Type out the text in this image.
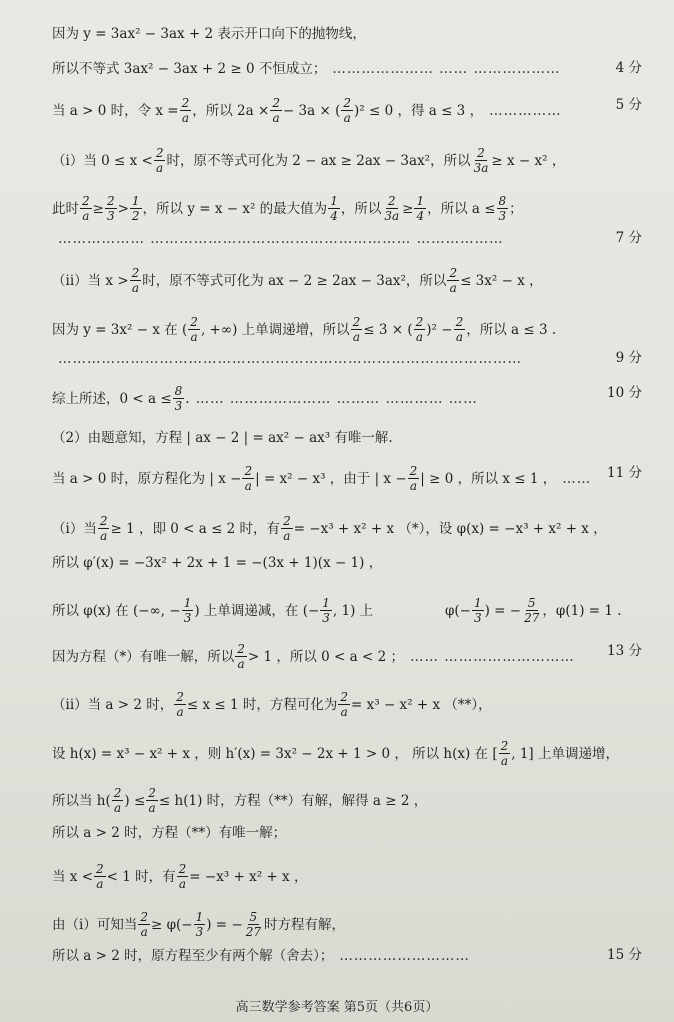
因为 y = 3ax² − 3ax + 2 表示开口向下的抛物线，
所以不等式 3ax² − 3ax + 2 ≥ 0 不恒成立； ………………… …… ………………	4 分
当 a > 0 时，令 $x = \frac{2}{a}$ ，所以 $2a \times \frac{2}{a} - 3a$ × ( $\frac{2}{a} )^2 \le 0$ ，得 a ≤ 3 ， ……………	5 分
（i）当 $0 \le x < \frac{2}{a}$ 时，原不等式可化为 2 − ax ≥ 2ax − 3ax²，所以 $\frac{2}{3a} \ge x - x^2$ ，
此时 $\frac{2}{a} \ge \frac{2}{3} > \frac{1}{2}$ ，所以 y = x − x² 的最大值为 $\frac{1}{4}$ ，所以 $\frac{2}{3a} \ge \frac{1}{4}$ ，所以 $a \le \frac{8}{3}$ ；
……………… ……………………………………………… ………………	7 分
（ii）当 $x > \frac{2}{a}$ 时，原不等式可化为 ax − 2 ≥ 2ax − 3ax²，所以 $\frac{2}{a} \le 3x^2 - x$ ，
因为 y = 3x² − x 在 ( $\frac{2}{a}$ , +∞) 上单调递增，所以 $\frac{2}{a} \le 3$ × ( $\frac{2}{a} )^2 - \frac{2}{a}$ ，所以 a ≤ 3 .
……………………………………………………………………………………	9 分
综上所述，$0 < a \le \frac{8}{3}$ . …… ………………… ……… ………… ……	10 分
（2）由题意知，方程 | ax − 2 | = ax² − ax³ 有唯一解.
当 a > 0 时，原方程化为 | $x - \frac{2}{a}$ | = x² − x³ ，由于 | $x - \frac{2}{a}$ | ≥ 0 ，所以 x ≤ 1 ， …… 11 分
（i）当 $\frac{2}{a} \ge 1$ ，即 0 < a ≤ 2 时，有 $\frac{2}{a} = -x^3 + x^2 + x$ （*），设 φ(x) = −x³ + x² + x ，
所以 φ′(x) = −3x² + 2x + 1 = −(3x + 1)(x − 1) ，
所以 φ(x) 在 (−∞, − $\frac{1}{3}$ ) 上单调递减，在 (− $\frac{1}{3}$ , 1) 上　　　　　 $\varphi(- \frac{1}{3}$ ) = − $\frac{5}{27}$ ，φ(1) = 1 .
因为方程（*）有唯一解，所以 $\frac{2}{a} > 1$ ，所以 0 < a < 2 ； …… ……………………… 13 分
（ii）当 a > 2 时， $\frac{2}{a} \le x \le 1$ 时，方程可化为 $\frac{2}{a} = x^3 - x^2 + x$ （**），
设 h(x) = x³ − x² + x ，则 h′(x) = 3x² − 2x + 1 > 0 ， 所以 h(x) 在 [ $\frac{2}{a}$ , 1] 上单调递增，
所以当 $h( \frac{2}{a}$ ) ≤ $\frac{2}{a} \le h(1)$ 时，方程（**）有解，解得 a ≥ 2 ，
所以 a > 2 时，方程（**）有唯一解；
当 $x < \frac{2}{a} < 1$ 时，有 $\frac{2}{a} = -x^3 + x^2 + x$ ，
由（i）可知当 $\frac{2}{a} \ge \varphi(- \frac{1}{3}$ ) = − $\frac{5}{27}$ 时方程有解，
所以 a > 2 时，原方程至少有两个解（舍去）； ………………………	15 分
高三数学参考答案 第5页（共6页）
